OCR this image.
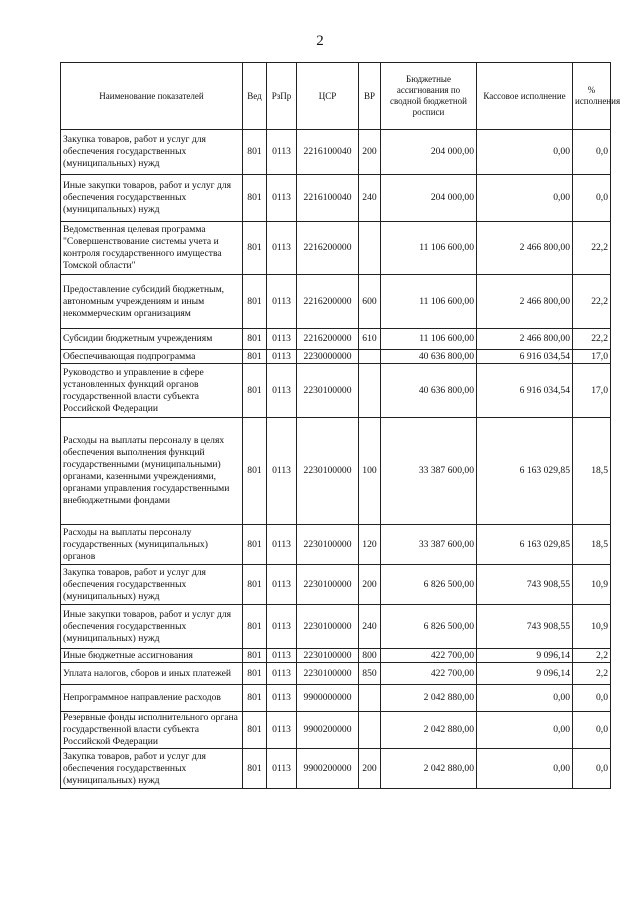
2
Наименование показателей	Вед	РзПр	ЦСР	ВР	Бюджетные ассигнования по сводной бюджетной росписи	Кассовое исполнение	% исполнения
Закупка товаров, работ и услуг для обеспечения государственных (муниципальных) нужд	801	0113	2216100040	200	204 000,00	0,00	0,0
Иные закупки товаров, работ и услуг для обеспечения государственных (муниципальных) нужд	801	0113	2216100040	240	204 000,00	0,00	0,0
Ведомственная целевая программа "Совершенствование системы учета и контроля государственного имущества Томской области"	801	0113	2216200000		11 106 600,00	2 466 800,00	22,2
Предоставление субсидий бюджетным, автономным учреждениям и иным некоммерческим организациям	801	0113	2216200000	600	11 106 600,00	2 466 800,00	22,2
Субсидии бюджетным учреждениям	801	0113	2216200000	610	11 106 600,00	2 466 800,00	22,2
Обеспечивающая подпрограмма	801	0113	2230000000		40 636 800,00	6 916 034,54	17,0
Руководство и управление в сфере установленных функций органов государственной власти субъекта Российской Федерации	801	0113	2230100000		40 636 800,00	6 916 034,54	17,0
Расходы на выплаты персоналу в целях обеспечения выполнения функций государственными (муниципальными) органами, казенными учреждениями, органами управления государственными внебюджетными фондами	801	0113	2230100000	100	33 387 600,00	6 163 029,85	18,5
Расходы на выплаты персоналу государственных (муниципальных) органов	801	0113	2230100000	120	33 387 600,00	6 163 029,85	18,5
Закупка товаров, работ и услуг для обеспечения государственных (муниципальных) нужд	801	0113	2230100000	200	6 826 500,00	743 908,55	10,9
Иные закупки товаров, работ и услуг для обеспечения государственных (муниципальных) нужд	801	0113	2230100000	240	6 826 500,00	743 908,55	10,9
Иные бюджетные ассигнования	801	0113	2230100000	800	422 700,00	9 096,14	2,2
Уплата налогов, сборов и иных платежей	801	0113	2230100000	850	422 700,00	9 096,14	2,2
Непрограммное направление расходов	801	0113	9900000000		2 042 880,00	0,00	0,0
Резервные фонды исполнительного органа государственной власти субъекта Российской Федерации	801	0113	9900200000		2 042 880,00	0,00	0,0
Закупка товаров, работ и услуг для обеспечения государственных (муниципальных) нужд	801	0113	9900200000	200	2 042 880,00	0,00	0,0
